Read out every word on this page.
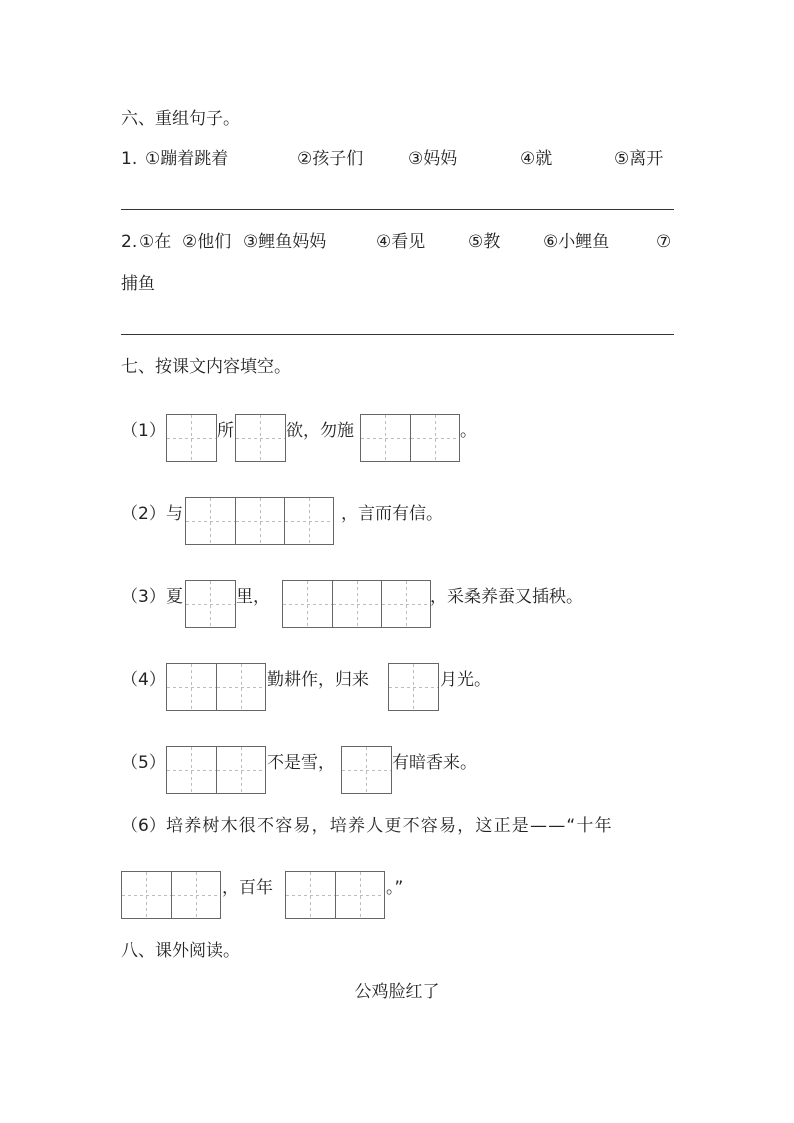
六、重组句子。
1. ①蹦着跳着	②孩子们	③妈妈	④就	⑤离开
2. ①在 ②他们 ③鲤鱼妈妈	④看见	⑤教	⑥小鲤鱼	⑦
捕鱼
七、按课文内容填空。
（1）	所	欲，勿施	。
（2） 与	，言而有信。
（3） 夏	里，	，采桑养蚕又插秧。
（4）	勤耕作，归来	月光。
（5）	不是雪，	有暗香来。
（6） 培养树木很不容易，培养人更不容易，这正是——“十年
，百年	。”
八、课外阅读。
公鸡脸红了
